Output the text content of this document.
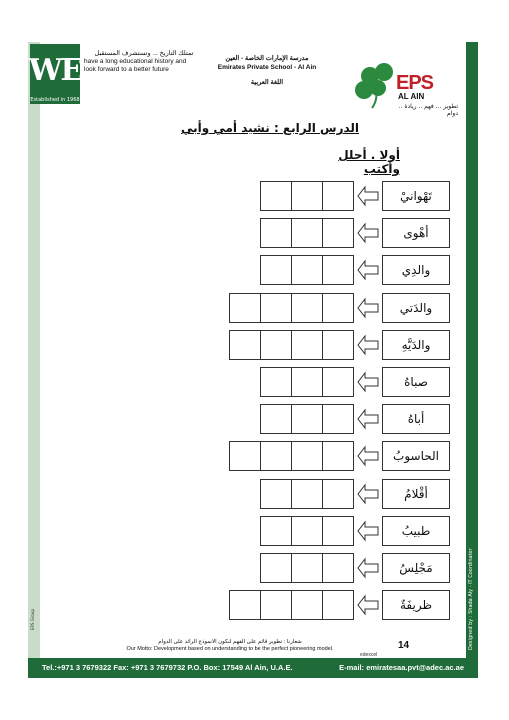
WE
Established in 1968
تمتلك التاريخ ... وتستشرف المستقبل
have a long educational history and
look forward to a better future
مدرسة الإمارات الخاصة - العين
Emirates Private School - Al Ain
اللغة العربية	EPS
AL AIN
تطوير ... فهم .. ريادة .. دوام
الدرس الرابع : نشيد أمي وأبي
أولا . أحلل وأكتب
تَهْوانيْ
أهْوى
والدِي
والدَتي
والدَيَّهِ
صباهُ
أباهُ
الحاسوبُ
أقْلامُ
طبيبُ
مَجْلِسُ
ظريفَةٌ
شعارنا : تطوير قائم على الفهم لنكون الانموذج الرائد على الدوام
Our Motto: Development based on understanding to be the perfect pioneering model.	14
edexcel
Tel.:+971 3 7679322 Fax: +971 3 7679732 P.O. Box: 17549 Al Ain, U.A.E.	E-mail: emiratesaa.pvt@adec.ac.ae
EPS Group	Designed by : Shada Aly - IT Coordinator
